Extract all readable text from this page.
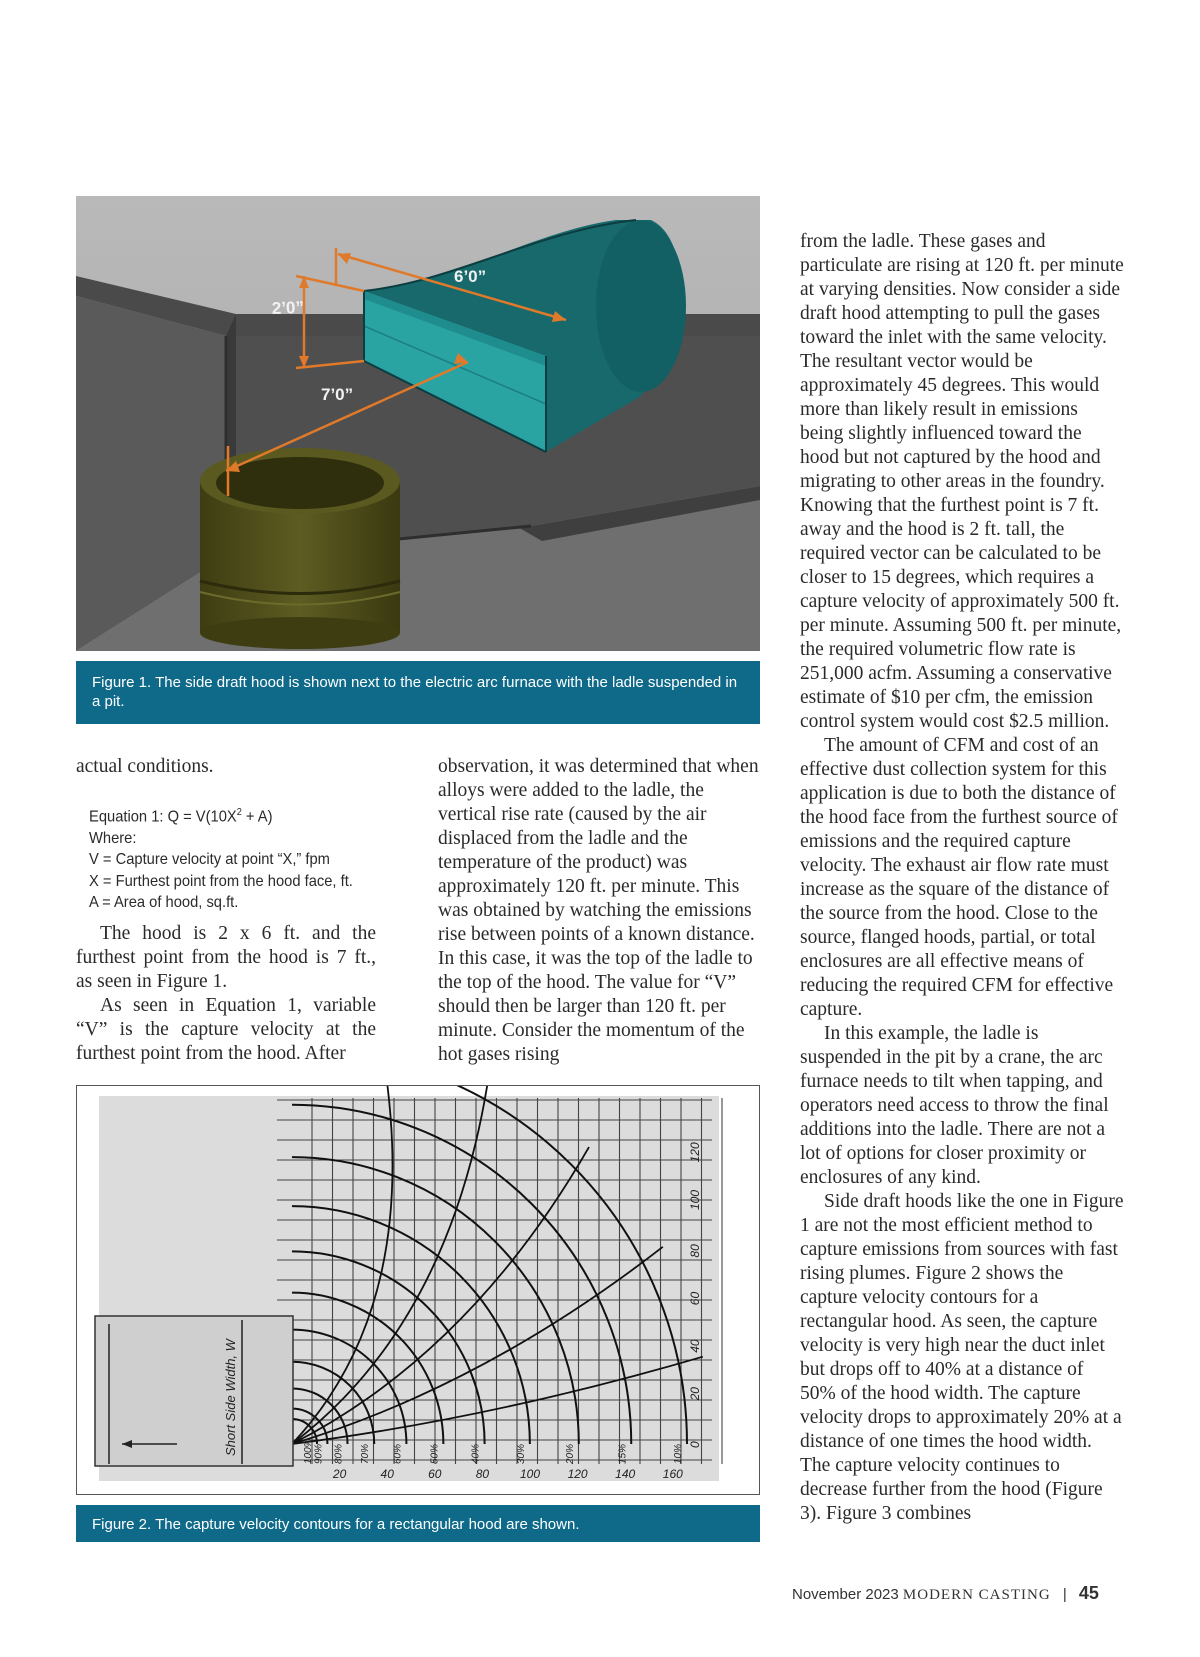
2’0”
6’0”
7’0”
Figure 1. The side draft hood is shown next to the electric arc furnace with the ladle suspended in a pit.

actual conditions.

Equation 1: $Q = V(10X^2 + A)$
Where:
V = Capture velocity at point “X,” fpm
X = Furthest point from the hood face, ft.
A = Area of hood, sq.ft.

The hood is 2 x 6 ft. and the furthest point from the hood is 7 ft., as seen in Figure 1.

As seen in Equation 1, variable “V” is the capture velocity at the furthest point from the hood. After

observation, it was determined that when alloys were added to the ladle, the vertical rise rate (caused by the air displaced from the ladle and the temperature of the product) was approximately 120 ft. per minute. This was obtained by watching the emissions rise between points of a known distance. In this case, it was the top of the ladle to the top of the hood. The value for “V” should then be larger than 120 ft. per minute. Consider the momentum of the hot gases rising

from the ladle. These gases and particulate are rising at 120 ft. per minute at varying densities. Now consider a side draft hood attempting to pull the gases toward the inlet with the same velocity. The resultant vector would be approximately 45 degrees. This would more than likely result in emissions being slightly influenced toward the hood but not captured by the hood and migrating to other areas in the foundry. Knowing that the furthest point is 7 ft. away and the hood is 2 ft. tall, the required vector can be calculated to be closer to 15 degrees, which requires a capture velocity of approximately 500 ft. per minute. Assuming 500 ft. per minute, the required volumetric flow rate is 251,000 acfm. Assuming a conservative estimate of $10 per cfm, the emission control system would cost $2.5 million.

The amount of CFM and cost of an effective dust collection system for this application is due to both the distance of the hood face from the furthest source of emissions and the required capture velocity. The exhaust air flow rate must increase as the square of the distance of the source from the hood. Close to the source, flanged hoods, partial, or total enclosures are all effective means of reducing the required CFM for effective capture.

In this example, the ladle is suspended in the pit by a crane, the arc furnace needs to tilt when tapping, and operators need access to throw the final additions into the ladle. There are not a lot of options for closer proximity or enclosures of any kind.

Side draft hoods like the one in Figure 1 are not the most efficient method to capture emissions from sources with fast rising plumes. Figure 2 shows the capture velocity contours for a rectangular hood. As seen, the capture velocity is very high near the duct inlet but drops off to 40% at a distance of 50% of the hood width. The capture velocity drops to approximately 20% at a distance of one times the hood width. The capture velocity continues to decrease further from the hood (Figure 3). Figure 3 combines

20	40	60	80	100 120 140 160
0
20
40
60
80
100
120
100% 90% 80% 70% 60%	50%	40%	30%	20%	15%	10%
Short Side Width, W
Figure 2. The capture velocity contours for a rectangular hood are shown.
November 2023 MODERN CASTING | 45
